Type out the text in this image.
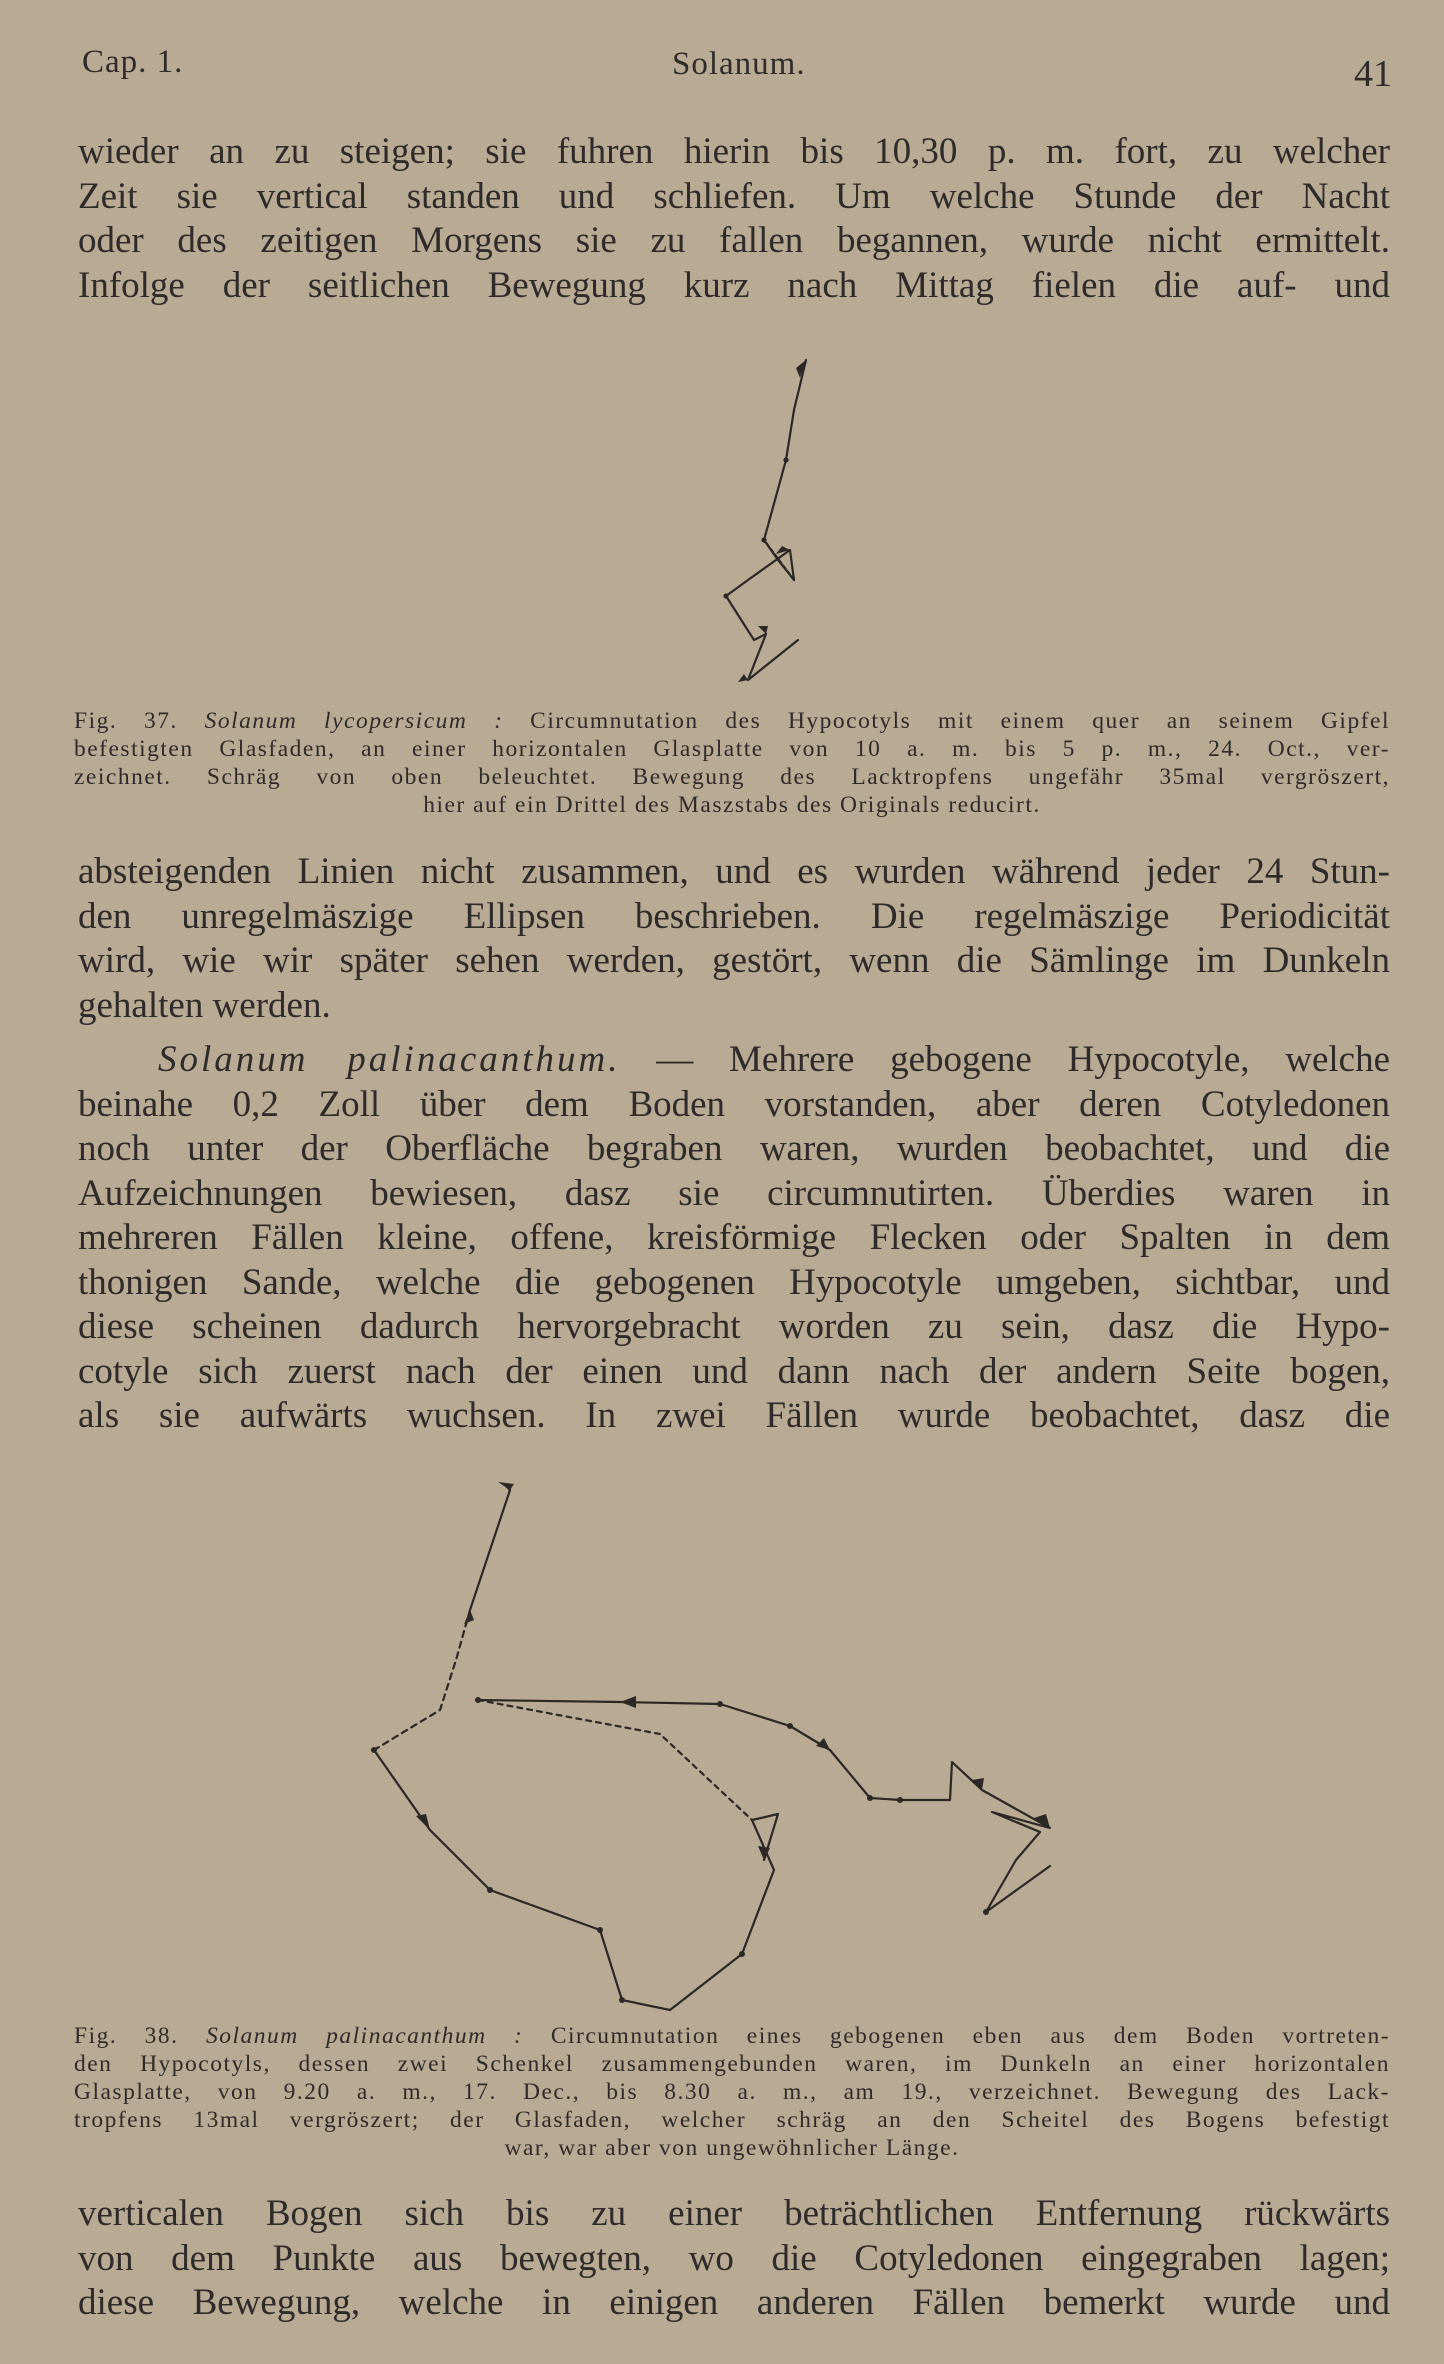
Cap. 1.	Solanum.	41
wieder an zu steigen; sie fuhren hierin bis 10,30 p. m. fort, zu welcher
Zeit sie vertical standen und schliefen. Um welche Stunde der Nacht
oder des zeitigen Morgens sie zu fallen begannen, wurde nicht ermittelt.
Infolge der seitlichen Bewegung kurz nach Mittag fielen die auf- und
Fig. 37. Solanum lycopersicum : Circumnutation des Hypocotyls mit einem quer an seinem Gipfel
befestigten Glasfaden, an einer horizontalen Glasplatte von 10 a. m. bis 5 p. m., 24. Oct., ver-
zeichnet. Schräg von oben beleuchtet. Bewegung des Lacktropfens ungefähr 35mal vergröszert,
hier auf ein Drittel des Maszstabs des Originals reducirt.
absteigenden Linien nicht zusammen, und es wurden während jeder 24 Stun-
den unregelmäszige Ellipsen beschrieben. Die regelmäszige Periodicität
wird, wie wir später sehen werden, gestört, wenn die Sämlinge im Dunkeln
gehalten werden.
Solanum palinacanthum. — Mehrere gebogene Hypocotyle, welche
beinahe 0,2 Zoll über dem Boden vorstanden, aber deren Cotyledonen
noch unter der Oberfläche begraben waren, wurden beobachtet, und die
Aufzeichnungen bewiesen, dasz sie circumnutirten. Überdies waren in
mehreren Fällen kleine, offene, kreisförmige Flecken oder Spalten in dem
thonigen Sande, welche die gebogenen Hypocotyle umgeben, sichtbar, und
diese scheinen dadurch hervorgebracht worden zu sein, dasz die Hypo-
cotyle sich zuerst nach der einen und dann nach der andern Seite bogen,
als sie aufwärts wuchsen. In zwei Fällen wurde beobachtet, dasz die
Fig. 38. Solanum palinacanthum : Circumnutation eines gebogenen eben aus dem Boden vortreten-
den Hypocotyls, dessen zwei Schenkel zusammengebunden waren, im Dunkeln an einer horizontalen
Glasplatte, von 9.20 a. m., 17. Dec., bis 8.30 a. m., am 19., verzeichnet. Bewegung des Lack-
tropfens 13mal vergröszert; der Glasfaden, welcher schräg an den Scheitel des Bogens befestigt
war, war aber von ungewöhnlicher Länge.
verticalen Bogen sich bis zu einer beträchtlichen Entfernung rückwärts
von dem Punkte aus bewegten, wo die Cotyledonen eingegraben lagen;
diese Bewegung, welche in einigen anderen Fällen bemerkt wurde und
